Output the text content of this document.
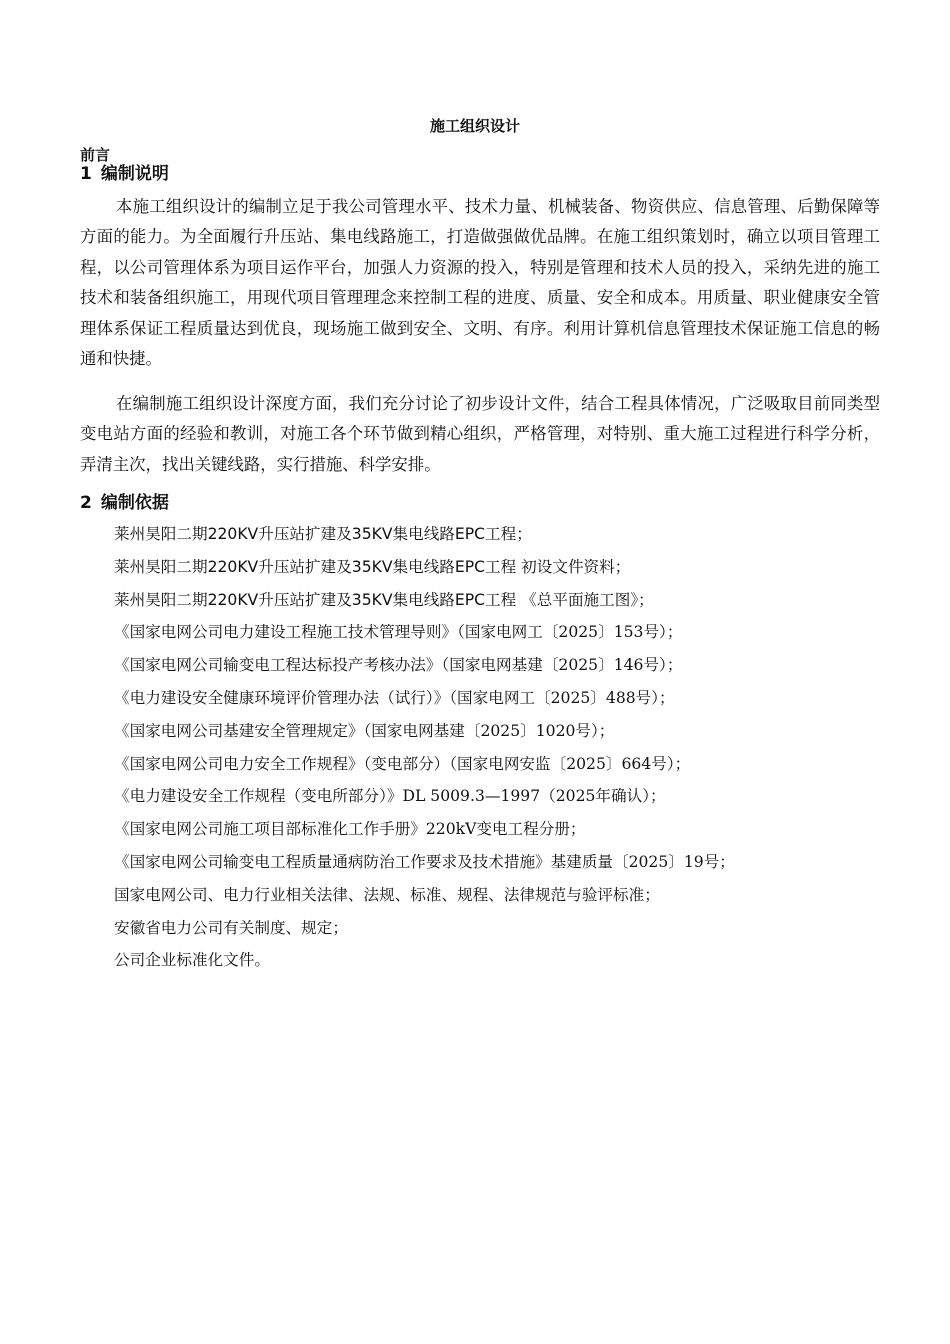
施工组织设计
前言
1 编制说明

本施工组织设计的编制立足于我公司管理水平、技术力量、机械装备、物资供应、信息管理、后勤保障等方面的能力。为全面履行升压站、集电线路施工，打造做强做优品牌。在施工组织策划时，确立以项目管理工程，以公司管理体系为项目运作平台，加强人力资源的投入，特别是管理和技术人员的投入，采纳先进的施工技术和装备组织施工，用现代项目管理理念来控制工程的进度、质量、安全和成本。用质量、职业健康安全管理体系保证工程质量达到优良，现场施工做到安全、文明、有序。利用计算机信息管理技术保证施工信息的畅通和快捷。

在编制施工组织设计深度方面，我们充分讨论了初步设计文件，结合工程具体情况，广泛吸取目前同类型变电站方面的经验和教训，对施工各个环节做到精心组织，严格管理，对特别、重大施工过程进行科学分析，弄清主次，找出关键线路，实行措施、科学安排。

2 编制依据
莱州昊阳二期220KV升压站扩建及35KV集电线路EPC工程；
莱州昊阳二期220KV升压站扩建及35KV集电线路EPC工程 初设文件资料；
莱州昊阳二期220KV升压站扩建及35KV集电线路EPC工程 《总平面施工图》；
《国家电网公司电力建设工程施工技术管理导则》（国家电网工〔2025〕153号）；
《国家电网公司输变电工程达标投产考核办法》（国家电网基建〔2025〕146号）；
《电力建设安全健康环境评价管理办法（试行）》（国家电网工〔2025〕488号）；
《国家电网公司基建安全管理规定》（国家电网基建〔2025〕1020号）；
《国家电网公司电力安全工作规程》（变电部分）（国家电网安监〔2025〕664号）；
《电力建设安全工作规程（变电所部分）》DL 5009.3—1997（2025年确认）；
《国家电网公司施工项目部标准化工作手册》220kV变电工程分册；
《国家电网公司输变电工程质量通病防治工作要求及技术措施》基建质量〔2025〕19号；
国家电网公司、电力行业相关法律、法规、标准、规程、法律规范与验评标准；
安徽省电力公司有关制度、规定；
公司企业标准化文件。
